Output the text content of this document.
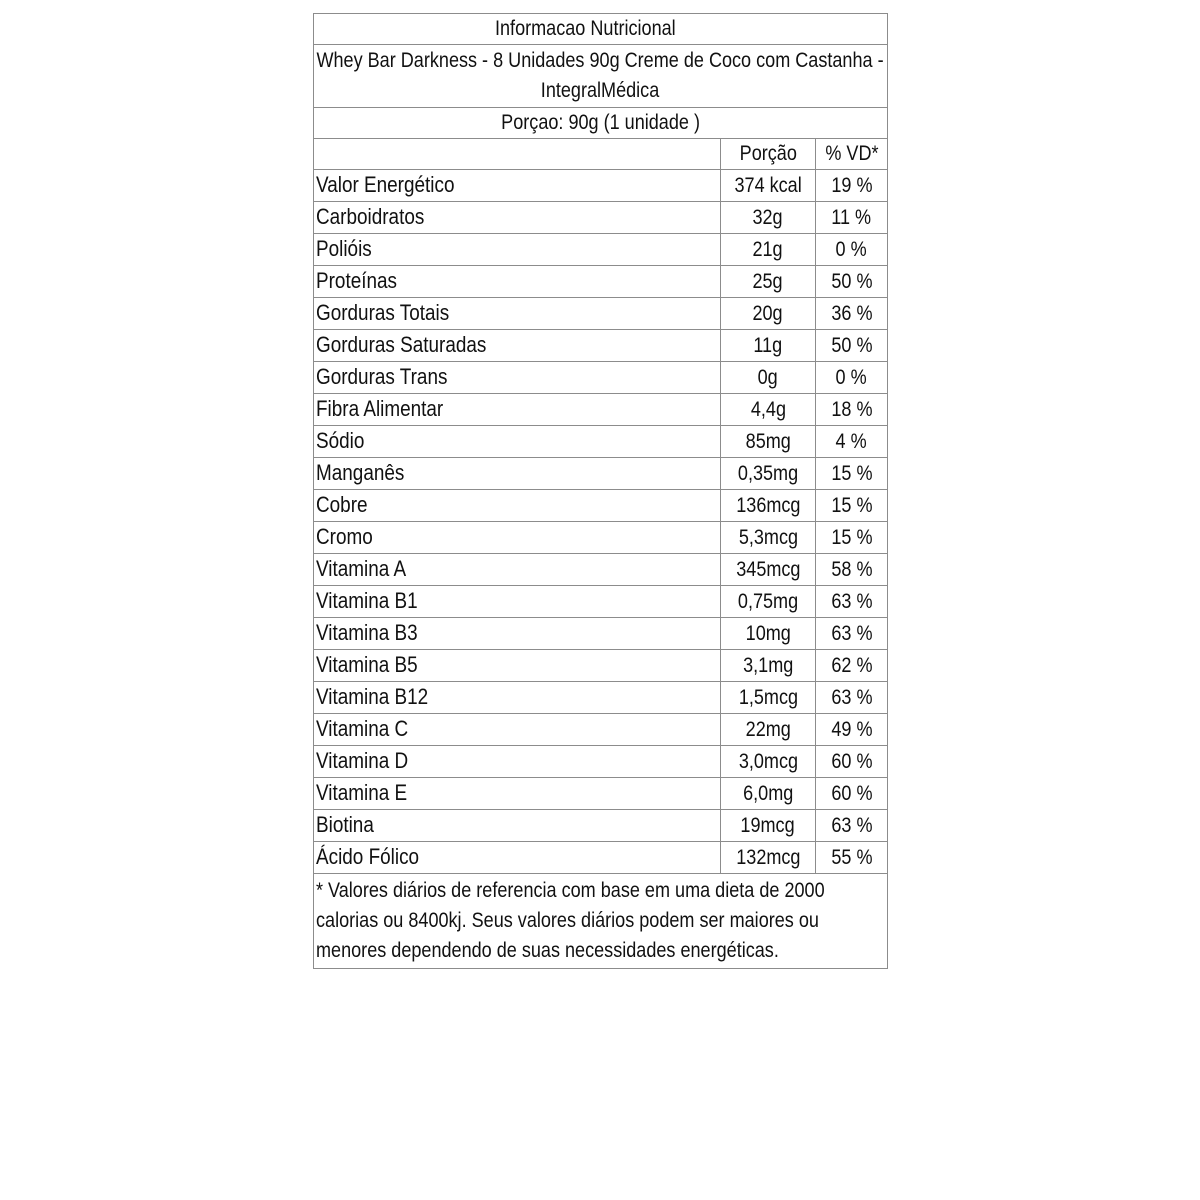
Informacao Nutricional		
Whey Bar Darkness - 8 Unidades 90g Creme de Coco com Castanha - IntegralMédica		
Porçao: 90g (1 unidade )		
	Porção	% VD*
Valor Energético	374 kcal	19 %
Carboidratos	32g	11 %
Polióis	21g	0 %
Proteínas	25g	50 %
Gorduras Totais	20g	36 %
Gorduras Saturadas	11g	50 %
Gorduras Trans	0g	0 %
Fibra Alimentar	4,4g	18 %
Sódio	85mg	4 %
Manganês	0,35mg	15 %
Cobre	136mcg	15 %
Cromo	5,3mcg	15 %
Vitamina A	345mcg	58 %
Vitamina B1	0,75mg	63 %
Vitamina B3	10mg	63 %
Vitamina B5	3,1mg	62 %
Vitamina B12	1,5mcg	63 %
Vitamina C	22mg	49 %
Vitamina D	3,0mcg	60 %
Vitamina E	6,0mg	60 %
Biotina	19mcg	63 %
Ácido Fólico	132mcg	55 %

* Valores diários de referencia com base em uma dieta de 2000 calorias ou 8400kj. Seus valores diários podem ser maiores ou menores dependendo de suas necessidades energéticas.		
